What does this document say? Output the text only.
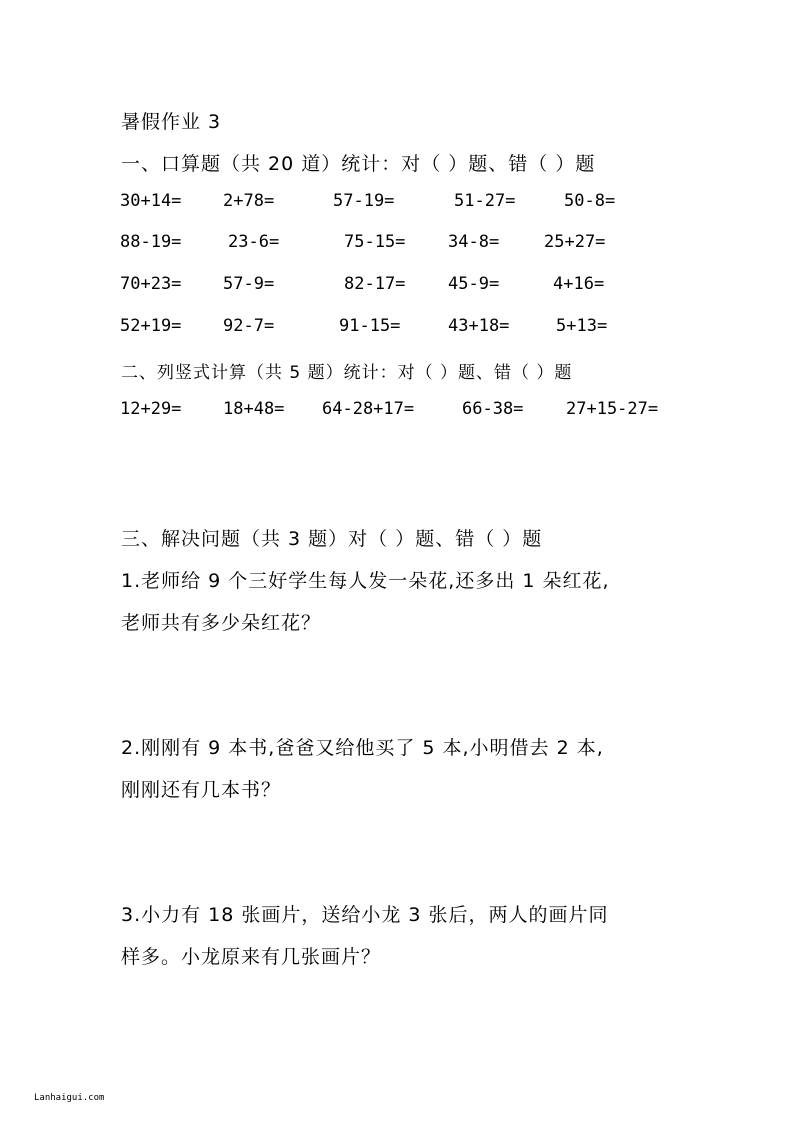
暑假作业 3
一、口算题（共 20 道）统计：对（ ）题、错（ ）题
30+14= 2+78=	57-19=	51-27=	50-8=
88-19=	23-6=	75-15=	34-8=	25+27=
70+23= 57-9=	82-17=	45-9=	4+16=
52+19= 92-7=	91-15=	43+18=	5+13=
二、列竖式计算（共 5 题）统计：对（ ）题、错（ ）题
12+29= 18+48= 64-28+17=	66-38=	27+15-27=
三、解决问题（共 3 题）对（ ）题、错（ ）题
1.老师给 9 个三好学生每人发一朵花,还多出 1 朵红花,
老师共有多少朵红花？
2.刚刚有 9 本书,爸爸又给他买了 5 本,小明借去 2 本,
刚刚还有几本书？
3.小力有 18 张画片，送给小龙 3 张后，两人的画片同
样多。小龙原来有几张画片？
Lanhaigui.com
